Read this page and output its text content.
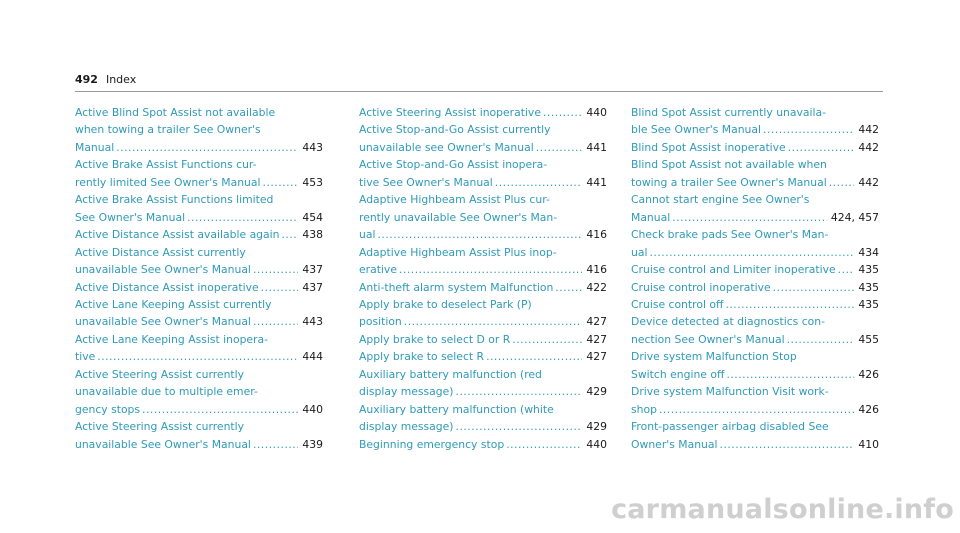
492 Index
Active Blind Spot Assist not available
when towing a trailer See Owner's
Manual .....	443
Active Brake Assist Functions cur-
rently limited See Owner's Manual .....	453
Active Brake Assist Functions limited
See Owner's Manual .....	454
Active Distance Assist available again ..... 438
Active Distance Assist currently
unavailable See Owner's Manual .....	437
Active Distance Assist inoperative .....	437
Active Lane Keeping Assist currently
unavailable See Owner's Manual .....	443
Active Lane Keeping Assist inopera-
tive .....	444
Active Steering Assist currently
unavailable due to multiple emer-
gency stops .....	440
Active Steering Assist currently
unavailable See Owner's Manual .....	439
Active Steering Assist inoperative .....	440
Active Stop-and-Go Assist currently
unavailable see Owner's Manual .....	441
Active Stop-and-Go Assist inopera-
tive See Owner's Manual .....	441
Adaptive Highbeam Assist Plus cur-
rently unavailable See Owner's Man-
ual .....	416
Adaptive Highbeam Assist Plus inop-
erative .....	416
Anti-theft alarm system Malfunction .....	422
Apply brake to deselect Park (P)
position .....	427
Apply brake to select D or R .....	427
Apply brake to select R .....	427
Auxiliary battery malfunction (red
display message) .....	429
Auxiliary battery malfunction (white
display message) .....	429
Beginning emergency stop .....	440
Blind Spot Assist currently unavaila-
ble See Owner's Manual .....	442
Blind Spot Assist inoperative .....	442
Blind Spot Assist not available when
towing a trailer See Owner's Manual .....	442
Cannot start engine See Owner's
Manual .....	424, 457
Check brake pads See Owner's Man-
ual .....	434
Cruise control and Limiter inoperative ..... 435
Cruise control inoperative .....	435
Cruise control off .....	435
Device detected at diagnostics con-
nection See Owner's Manual .....	455
Drive system Malfunction Stop
Switch engine off .....	426
Drive system Malfunction Visit work-
shop .....	426
Front-passenger airbag disabled See
Owner's Manual .....	410
carmanualsonline.info
